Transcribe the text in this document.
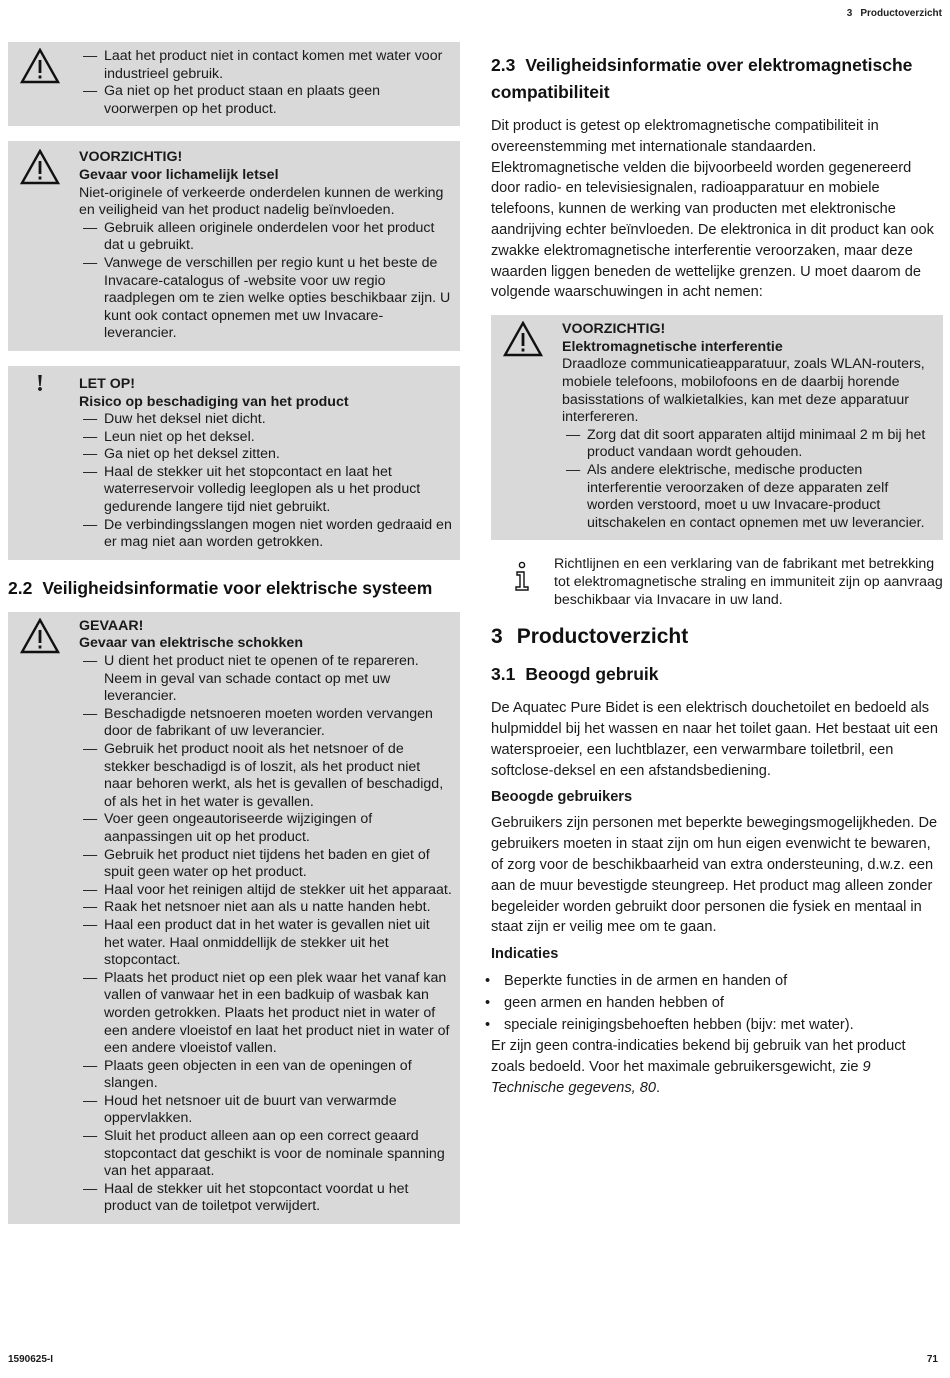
3 Productoverzicht
— Laat het product niet in contact komen met water voor industrieel gebruik.
— Ga niet op het product staan en plaats geen voorwerpen op het product.
VOORZICHTIG!
Gevaar voor lichamelijk letsel
Niet-originele of verkeerde onderdelen kunnen de werking en veiligheid van het product nadelig beïnvloeden.
— Gebruik alleen originele onderdelen voor het product dat u gebruikt.
— Vanwege de verschillen per regio kunt u het beste de Invacare-catalogus of -website voor uw regio raadplegen om te zien welke opties beschikbaar zijn. U kunt ook contact opnemen met uw Invacare-leverancier.
!	LET OP!
Risico op beschadiging van het product
— Duw het deksel niet dicht.
— Leun niet op het deksel.
— Ga niet op het deksel zitten.
— Haal de stekker uit het stopcontact en laat het waterreservoir volledig leeglopen als u het product gedurende langere tijd niet gebruikt.
— De verbindingsslangen mogen niet worden gedraaid en er mag niet aan worden getrokken.
2.2 Veiligheidsinformatie voor elektrische systeem
GEVAAR!
Gevaar van elektrische schokken
— U dient het product niet te openen of te repareren. Neem in geval van schade contact op met uw leverancier.
— Beschadigde netsnoeren moeten worden vervangen door de fabrikant of uw leverancier.
— Gebruik het product nooit als het netsnoer of de stekker beschadigd is of loszit, als het product niet naar behoren werkt, als het is gevallen of beschadigd, of als het in het water is gevallen.
— Voer geen ongeautoriseerde wijzigingen of aanpassingen uit op het product.
— Gebruik het product niet tijdens het baden en giet of spuit geen water op het product.
— Haal voor het reinigen altijd de stekker uit het apparaat.
— Raak het netsnoer niet aan als u natte handen hebt.
— Haal een product dat in het water is gevallen niet uit het water. Haal onmiddellijk de stekker uit het stopcontact.
— Plaats het product niet op een plek waar het vanaf kan vallen of vanwaar het in een badkuip of wasbak kan worden getrokken. Plaats het product niet in water of een andere vloeistof en laat het product niet in water of een andere vloeistof vallen.
— Plaats geen objecten in een van de openingen of slangen.
— Houd het netsnoer uit de buurt van verwarmde oppervlakken.
— Sluit het product alleen aan op een correct geaard stopcontact dat geschikt is voor de nominale spanning van het apparaat.
— Haal de stekker uit het stopcontact voordat u het product van de toiletpot verwijdert.
2.3 Veiligheidsinformatie over elektromagnetische compatibiliteit

Dit product is getest op elektromagnetische compatibiliteit in overeenstemming met internationale standaarden. Elektromagnetische velden die bijvoorbeeld worden gegenereerd door radio- en televisiesignalen, radioapparatuur en mobiele telefoons, kunnen de werking van producten met elektronische aandrijving echter beïnvloeden. De elektronica in dit product kan ook zwakke elektromagnetische interferentie veroorzaken, maar deze waarden liggen beneden de wettelijke grenzen. U moet daarom de volgende waarschuwingen in acht nemen:

VOORZICHTIG!
Elektromagnetische interferentie
Draadloze communicatieapparatuur, zoals WLAN-routers, mobiele telefoons, mobilofoons en de daarbij horende basisstations of walkietalkies, kan met deze apparatuur interfereren.
— Zorg dat dit soort apparaten altijd minimaal 2 m bij het product vandaan wordt gehouden.
— Als andere elektrische, medische producten interferentie veroorzaken of deze apparaten zelf worden verstoord, moet u uw Invacare-product uitschakelen en contact opnemen met uw leverancier.
Richtlijnen en een verklaring van de fabrikant met betrekking tot elektromagnetische straling en immuniteit zijn op aanvraag beschikbaar via Invacare in uw land.
3 Productoverzicht
3.1 Beoogd gebruik

De Aquatec Pure Bidet is een elektrisch douchetoilet en bedoeld als hulpmiddel bij het wassen en naar het toilet gaan. Het bestaat uit een watersproeier, een luchtblazer, een verwarmbare toiletbril, een softclose-deksel en een afstandsbediening.

Beoogde gebruikers

Gebruikers zijn personen met beperkte bewegingsmogelijkheden. De gebruikers moeten in staat zijn om hun eigen evenwicht te bewaren, of zorg voor de beschikbaarheid van extra ondersteuning, d.w.z. een aan de muur bevestigde steungreep. Het product mag alleen zonder begeleider worden gebruikt door personen die fysiek en mentaal in staat zijn er veilig mee om te gaan.

Indicaties
• Beperkte functies in de armen en handen of
• geen armen en handen hebben of
• speciale reinigingsbehoeften hebben (bijv: met water).

Er zijn geen contra-indicaties bekend bij gebruik van het product zoals bedoeld. Voor het maximale gebruikersgewicht, zie 9 Technische gegevens, 80.

1590625-I	71
